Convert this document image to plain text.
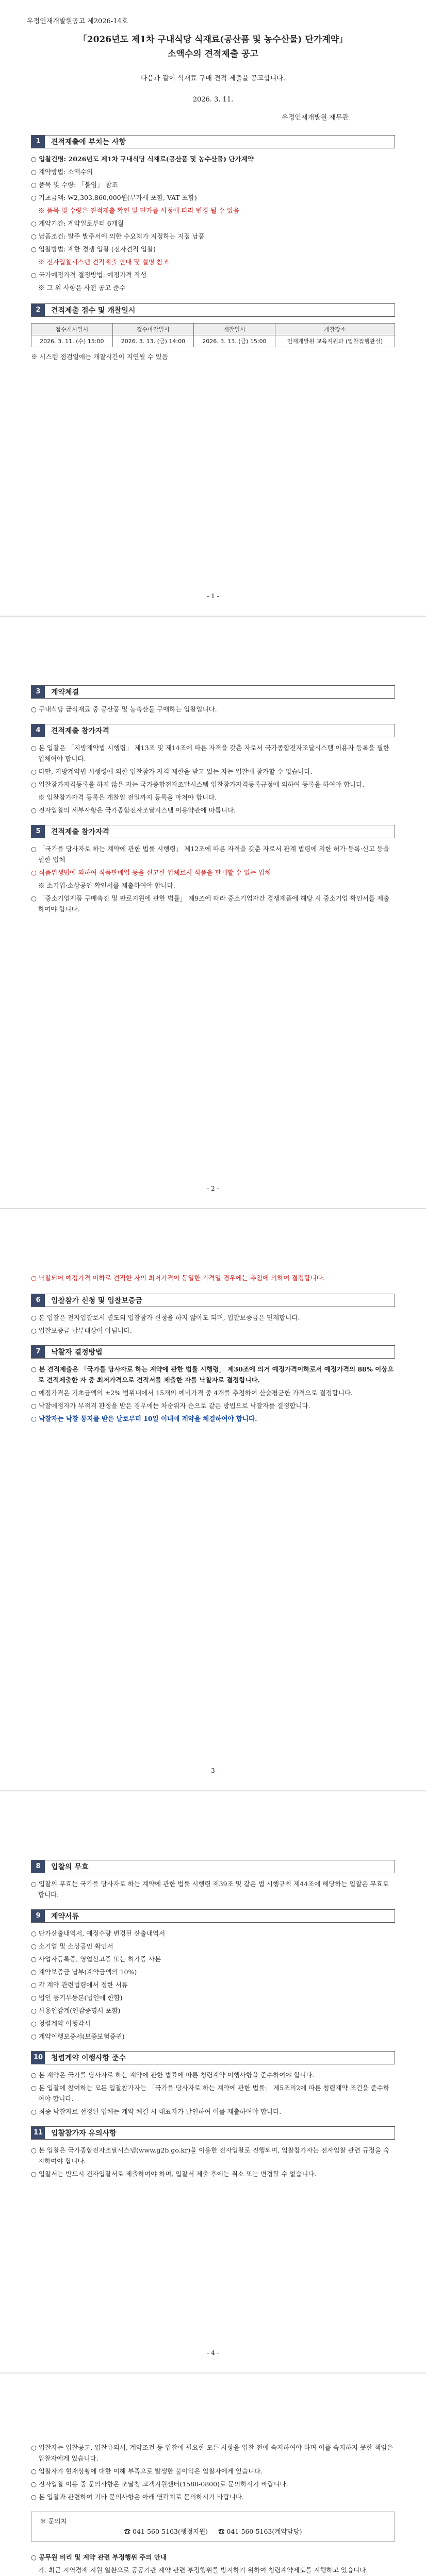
우정인재개발원공고 제2026-14호

「2026년도 제1차 구내식당 식재료(공산품 및 농수산물) 단가계약」

소액수의 견적제출 공고

다음과 같이 식재료 구매 견적 제출을 공고합니다.

2026. 3. 11.
우정인재개발원 재무관
1	견적제출에 부치는 사항

○ 입찰건명: 2026년도 제1차 구내식당 식재료(공산품 및 농수산물) 단가계약

○ 계약방법: 소액수의

○ 품목 및 수량: 「붙임」 참조

○ 기초금액: ₩2,303,860,000원(부가세 포함, VAT 포함)

※ 품목 및 수량은 견적제출 확인 및 단가를 사정에 따라 변경 될 수 있음

○ 계약기간: 계약일로부터 6개월

○ 납품조건: 발주 발주서에 의한 수요처가 지정하는 지점 납품

○ 입찰방법: 제한 경쟁 입찰 (전자견적 입찰)

※ 전자입찰시스템 견적제출 안내 및 설명 참조

○ 국가예정가격 결정방법: 예정가격 작성

※ 그 외 사항은 사전 공고 준수

2	견적제출 접수 및 개찰일시
접수개시일시	접수마감일시	개찰일시	개찰장소
2026. 3. 11. (수) 15:00	2026. 3. 13. (금) 14:00	2026. 3. 13. (금) 15:00	인재개발원 교육지원과 (입찰집행관실)

※ 시스템 점검일에는 개찰시간이 지연될 수 있음

- 1 -
3	계약체결

○ 구내식당 급식재료 중 공산품 및 농축산물 구매하는 입찰입니다.

4	견적제출 참가자격

○ 본 입찰은 「지방계약법 시행령」 제13조 및 제14조에 따른 자격을 갖춘 자로서 국가종합전자조달시스템 이용자 등록을 필한 업체여야 합니다.

○ 다만, 지방계약법 시행령에 의한 입찰참가 자격 제한을 받고 있는 자는 입찰에 참가할 수 없습니다.

○ 입찰참가자격등록을 하지 않은 자는 국가종합전자조달시스템 입찰참가자격등록규정에 의하여 등록을 하여야 합니다.

※ 입찰참가자격 등록은 개찰일 전일까지 등록을 마쳐야 합니다.

○ 전자입찰의 세부사항은 국가종합전자조달시스템 이용약관에 따릅니다.

5	견적제출 참가자격

○ 「국가를 당사자로 하는 계약에 관한 법률 시행령」 제12조에 따른 자격을 갖춘 자로서 관계 법령에 의한 허가·등록·신고 등을 필한 업체

○ 식품위생법에 의하여 식품판매업 등을 신고한 업체로서 식품을 판매할 수 있는 업체

※ 소기업·소상공인 확인서를 제출하여야 합니다.

○ 「중소기업제품 구매촉진 및 판로지원에 관한 법률」 제9조에 따라 중소기업자간 경쟁제품에 해당 시 중소기업 확인서를 제출하여야 합니다.

- 2 -

○ 낙찰되어 예정가격 이하로 견적한 자의 최저가격이 동일한 가격일 경우에는 추첨에 의하여 결정합니다.

6	입찰참가 신청 및 입찰보증금

○ 본 입찰은 전자입찰로서 별도의 입찰참가 신청을 하지 않아도 되며, 입찰보증금은 면제합니다.

○ 입찰보증금 납부대상이 아님니다.

7	낙찰자 결정방법

○ 본 견적제출은 「국가를 당사자로 하는 계약에 관한 법률 시행령」 제30조에 의거 예정가격이하로서 예정가격의 88% 이상으로 견적제출한 자 중 최저가격으로 견적서를 제출한 자를 낙찰자로 결정합니다.

○ 예정가격은 기초금액의 ±2% 범위내에서 15개의 예비가격 중 4개를 추첨하여 산술평균한 가격으로 결정합니다.

○ 낙찰예정자가 부적격 판정을 받은 경우에는 차순위자 순으로 같은 방법으로 낙찰자를 결정합니다.

○ 낙찰자는 낙찰 통지를 받은 날로부터 10일 이내에 계약을 체결하여야 합니다.

- 3 -
8	입찰의 무효

○ 입찰의 무효는 국가를 당사자로 하는 계약에 관한 법률 시행령 제39조 및 같은 법 시행규칙 제44조에 해당하는 입찰은 무효로 합니다.

9	계약서류

○ 단가산출내역서, 예정수량 변경된 산출내역서

○ 소기업 및 소상공인 확인서

○ 사업자등록증, 영업신고증 또는 허가증 사본

○ 계약보증금 납부(계약금액의 10%)

○ 각 계약 관련법령에서 정한 서류

○ 법인 등기부등본(법인에 한함)

○ 사용인감계(인감증명서 포함)

○ 청렴계약 이행각서

○ 계약이행보증서(보증보험증권)

10	청렴계약 이행사항 준수

○ 본 계약은 국가를 당사자로 하는 계약에 관한 법률에 따른 청렴계약 이행사항을 준수하여야 합니다.

○ 본 입찰에 참여하는 모든 입찰참가자는 「국가를 당사자로 하는 계약에 관한 법률」 제5조의2에 따른 청렴계약 조건을 준수하여야 합니다.

○ 최종 낙찰자로 선정된 업체는 계약 체결 시 대표자가 날인하여 이를 제출하여야 합니다.

11	입찰참가자 유의사항

○ 본 입찰은 국가종합전자조달시스템(www.g2b.go.kr)을 이용한 전자입찰로 진행되며, 입찰참가자는 전자입찰 관련 규정을 숙지하여야 합니다.

○ 입찰서는 반드시 전자입찰서로 제출하여야 하며, 입찰서 제출 후에는 취소 또는 변경할 수 없습니다.

- 4 -

○ 입찰자는 입찰공고, 입찰유의서, 계약조건 등 입찰에 필요한 모든 사항을 입찰 전에 숙지하여야 하며 이를 숙지하지 못한 책임은 입찰자에게 있습니다.

○ 입찰자가 현재상황에 대한 이해 부족으로 발생한 불이익은 입찰자에게 있습니다.

○ 전자입찰 이용 중 문의사항은 조달청 고객지원센터(1588-0800)로 문의하시기 바랍니다.

○ 본 입찰과 관련하여 기타 문의사항은 아래 연락처로 문의하시기 바랍니다.

※ 문의처
☎ 041-560-5163(행정지원) ☎ 041-560-5163(계약담당)

○ 공무원 비리 및 계약 관련 부정행위 주의 안내

가. 최근 지역경제 지원 일환으로 공공기관 계약 관련 부정행위를 방지하기 위하여 청렴계약제도를 시행하고 있습니다.
